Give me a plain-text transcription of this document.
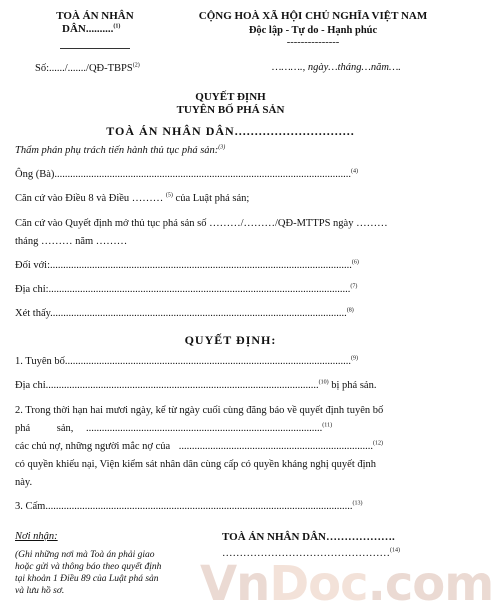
TOÀ ÁN NHÂN
DÂN..........$^{(1)}$
Số:....../......./QĐ-TBPS$^{(2)}$
CỘNG HOÀ XÃ HỘI CHỦ NGHĨA VIỆT NAM
Độc lập - Tự do - Hạnh phúc
---------------
………., ngày…tháng…năm….
QUYẾT ĐỊNH
TUYÊN BỐ PHÁ SẢN
TOÀ ÁN NHÂN DÂN..............................
Thẩm phán phụ trách tiến hành thủ tục phá sản:$^{(3)}$
Ông (Bà).................................................................................................................$^{(4)}$
Căn cứ vào Điều 8 và Điều ……… $^{(5)}$ của Luật phá sản;
Căn cứ vào Quyết định mở thủ tục phá sản số ………/………/QĐ-MTTPS ngày ………
tháng ……… năm ………
Đối với:...................................................................................................................$^{(6)}$
Địa chỉ:...................................................................................................................$^{(7)}$
Xét thấy.................................................................................................................$^{(8)}$
QUYẾT ĐỊNH:
1. Tuyên bố.............................................................................................................$^{(9)}$
Địa chỉ........................................................................................................$^{(10)}$ bị phá sản.
2. Trong thời hạn hai mươi ngày, kể từ ngày cuối cùng đăng báo về quyết định tuyên bố
phá	sản, ..........................................................................................$^{(11)}$
các chủ nợ, những người mắc nợ của ..........................................................................$^{(12)}$
có quyền khiếu nại, Viện kiểm sát nhân dân cùng cấp có quyền kháng nghị quyết định
này.
3. Cấm.....................................................................................................................$^{(13)}$
Nơi nhận:
(Ghi những nơi mà Toà án phải giao
hoặc gửi và thông báo theo quyết định
tại khoản 1 Điều 89 của Luật phá sản
và lưu hồ sơ.
TOÀ ÁN NHÂN DÂN……………….
…………………………………………$^{(14)}$
VnDoc.com
